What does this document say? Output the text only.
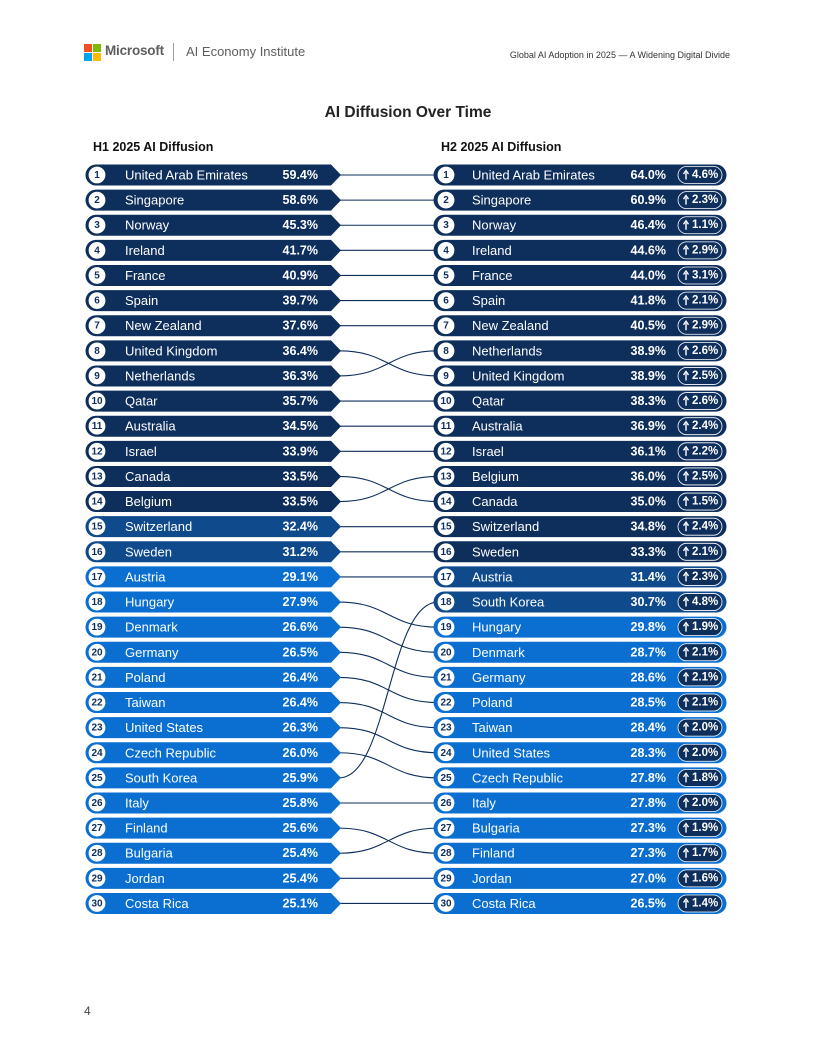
Microsoft AI Economy Institute	Global AI Adoption in 2025 — A Widening Digital Divide
AI Diffusion Over Time
H1 2025 AI Diffusion	H2 2025 AI Diffusion
1 United Arab Emirates	59.4%
2 Singapore	58.6%
3 Norway	45.3%
4 Ireland	41.7%
5 France	40.9%
6 Spain	39.7%
7 New Zealand	37.6%
8 United Kingdom	36.4%
9 Netherlands	36.3%
10 Qatar	35.7%
11 Australia	34.5%
12 Israel	33.9%
13 Canada	33.5%
14 Belgium	33.5%
15 Switzerland	32.4%
16 Sweden	31.2%
17 Austria	29.1%
18 Hungary	27.9%
19 Denmark	26.6%
20 Germany	26.5%
21 Poland	26.4%
22 Taiwan	26.4%
23 United States	26.3%
24 Czech Republic	26.0%
25 South Korea	25.9%
26 Italy	25.8%
27 Finland	25.6%
28 Bulgaria	25.4%
29 Jordan	25.4%
30 Costa Rica	25.1%
1 United Arab Emirates	64.0% 4.6%
2 Singapore	60.9% 2.3%
3 Norway	46.4% 1.1%
4 Ireland	44.6% 2.9%
5 France	44.0% 3.1%
6 Spain	41.8% 2.1%
7 New Zealand	40.5% 2.9%
8 Netherlands	38.9% 2.6%
9 United Kingdom	38.9% 2.5%
10 Qatar	38.3% 2.6%
11 Australia	36.9% 2.4%
12 Israel	36.1% 2.2%
13 Belgium	36.0% 2.5%
14 Canada	35.0% 1.5%
15 Switzerland	34.8% 2.4%
16 Sweden	33.3% 2.1%
17 Austria	31.4% 2.3%
18 South Korea	30.7% 4.8%
19 Hungary	29.8% 1.9%
20 Denmark	28.7% 2.1%
21 Germany	28.6% 2.1%
22 Poland	28.5% 2.1%
23 Taiwan	28.4% 2.0%
24 United States	28.3% 2.0%
25 Czech Republic	27.8% 1.8%
26 Italy	27.8% 2.0%
27 Bulgaria	27.3% 1.9%
28 Finland	27.3% 1.7%
29 Jordan	27.0% 1.6%
30 Costa Rica	26.5% 1.4%
4
